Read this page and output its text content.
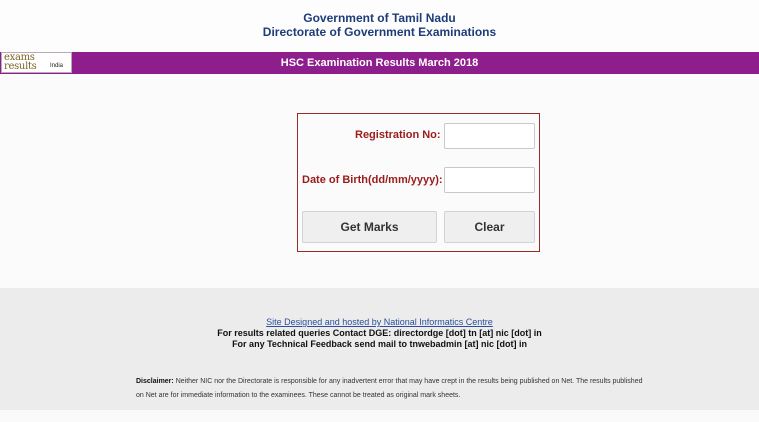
Government of Tamil Nadu
Directorate of Government Examinations
HSC Examination Results March 2018
exams
results India
Registration No:
Date of Birth(dd/mm/yyyy):
Get Marks	Clear
Site Designed and hosted by National Informatics Centre
For results related queries Contact DGE: directordge [dot] tn [at] nic [dot] in
For any Technical Feedback send mail to tnwebadmin [at] nic [dot] in
Disclaimer: Neither NIC nor the Directorate is responsible for any inadvertent error that may have crept in the results being published on Net. The results published
on Net are for immediate information to the examinees. These cannot be treated as original mark sheets.
